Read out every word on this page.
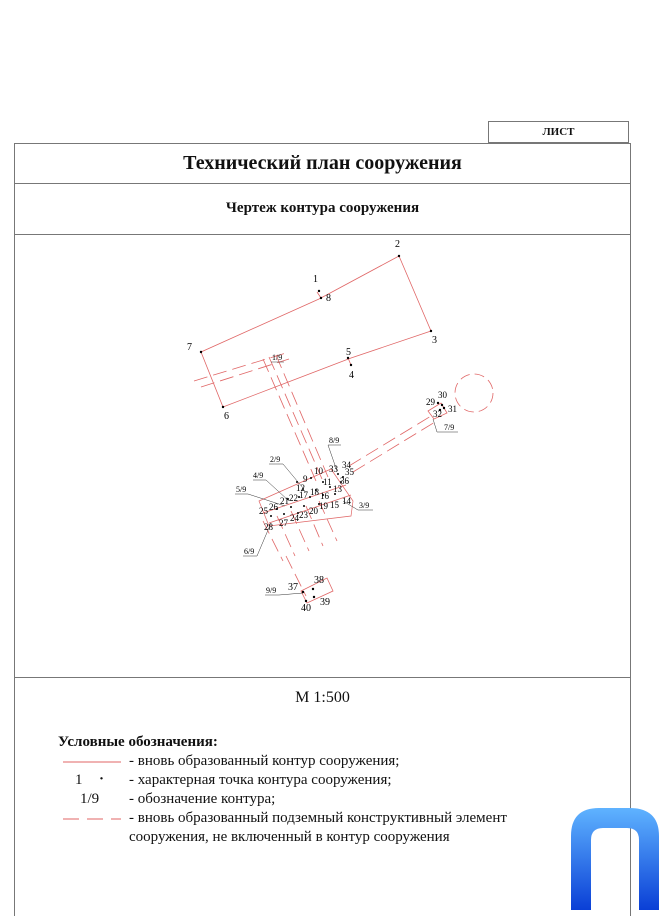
ЛИСТ
Технический план сооружения
Чертеж контура сооружения
1
2
3
4
5
6
7
8
9
10
11
12	13
14
15
16
17 18
19
20
21 22
23
24
25 26
27
28
29
30
31
32
33 34
35
36
37
38
39
40
1/9
2/9
3/9
4/9
5/9
6/9
7/9
8/9
9/9
М 1:500
Условные обозначения:
- вновь образованный контур сооружения;
1 · - характерная точка контура сооружения;
1/9 - обозначение контура;
- вновь образованный подземный конструктивный элемент
сооружения, не включенный в контур сооружения
